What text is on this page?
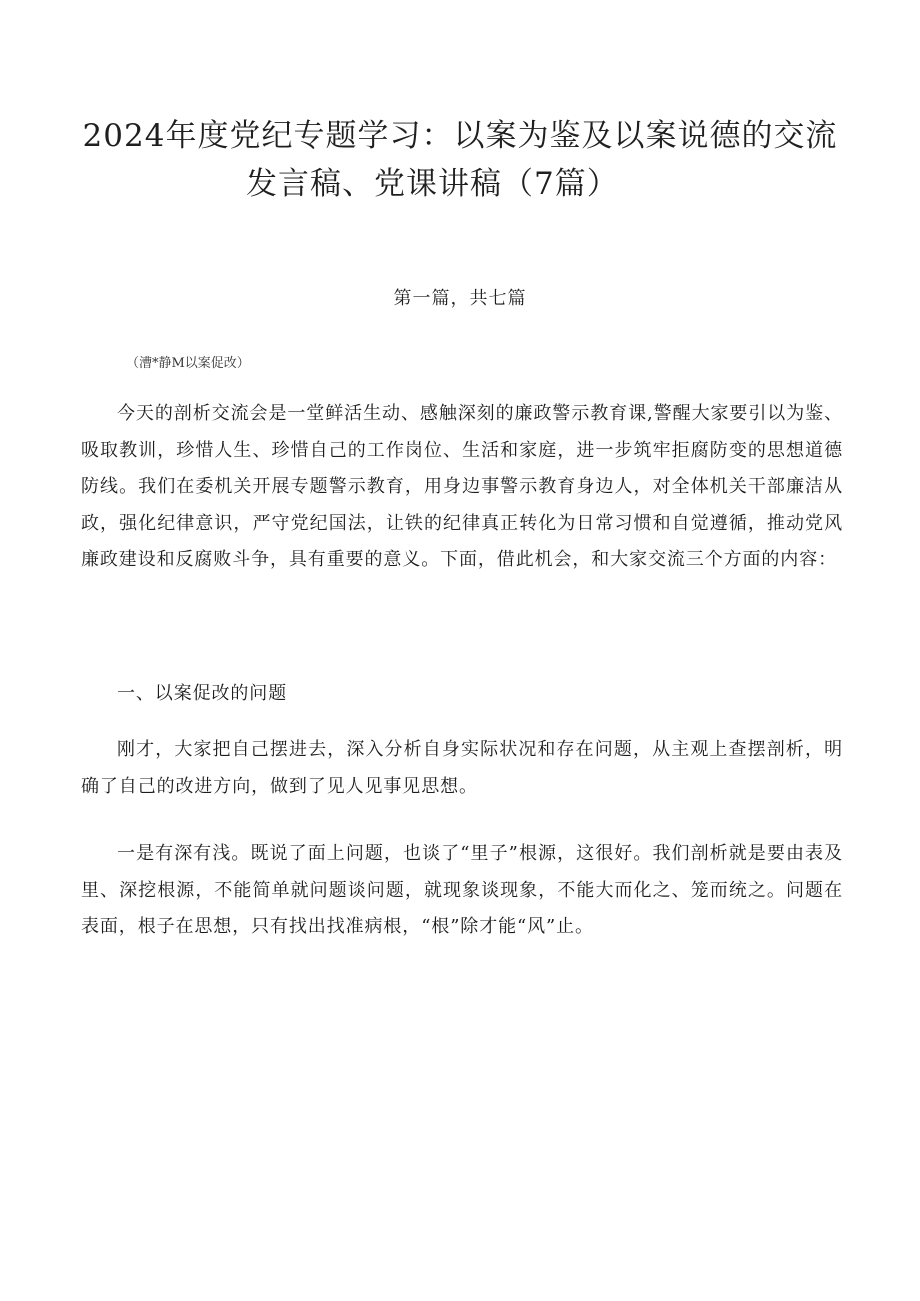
2024年度党纪专题学习：以案为鉴及以案说德的交流
发言稿、党课讲稿（7篇）
第一篇，共七篇
（漕*静M以案促改）

今天的剖析交流会是一堂鲜活生动、感触深刻的廉政警示教育课,警醒大家要引以为鉴、吸取教训，珍惜人生、珍惜自己的工作岗位、生活和家庭，进一步筑牢拒腐防变的思想道德防线。我们在委机关开展专题警示教育，用身边事警示教育身边人，对全体机关干部廉洁从政，强化纪律意识，严守党纪国法，让铁的纪律真正转化为日常习惯和自觉遵循，推动党风廉政建设和反腐败斗争，具有重要的意义。下面，借此机会，和大家交流三个方面的内容：

一、以案促改的问题

刚才，大家把自己摆进去，深入分析自身实际状况和存在问题，从主观上查摆剖析，明确了自己的改进方向，做到了见人见事见思想。

一是有深有浅。既说了面上问题，也谈了“里子”根源，这很好。我们剖析就是要由表及里、深挖根源，不能简单就问题谈问题，就现象谈现象，不能大而化之、笼而统之。问题在表面，根子在思想，只有找出找准病根，“根”除才能“风”止。
